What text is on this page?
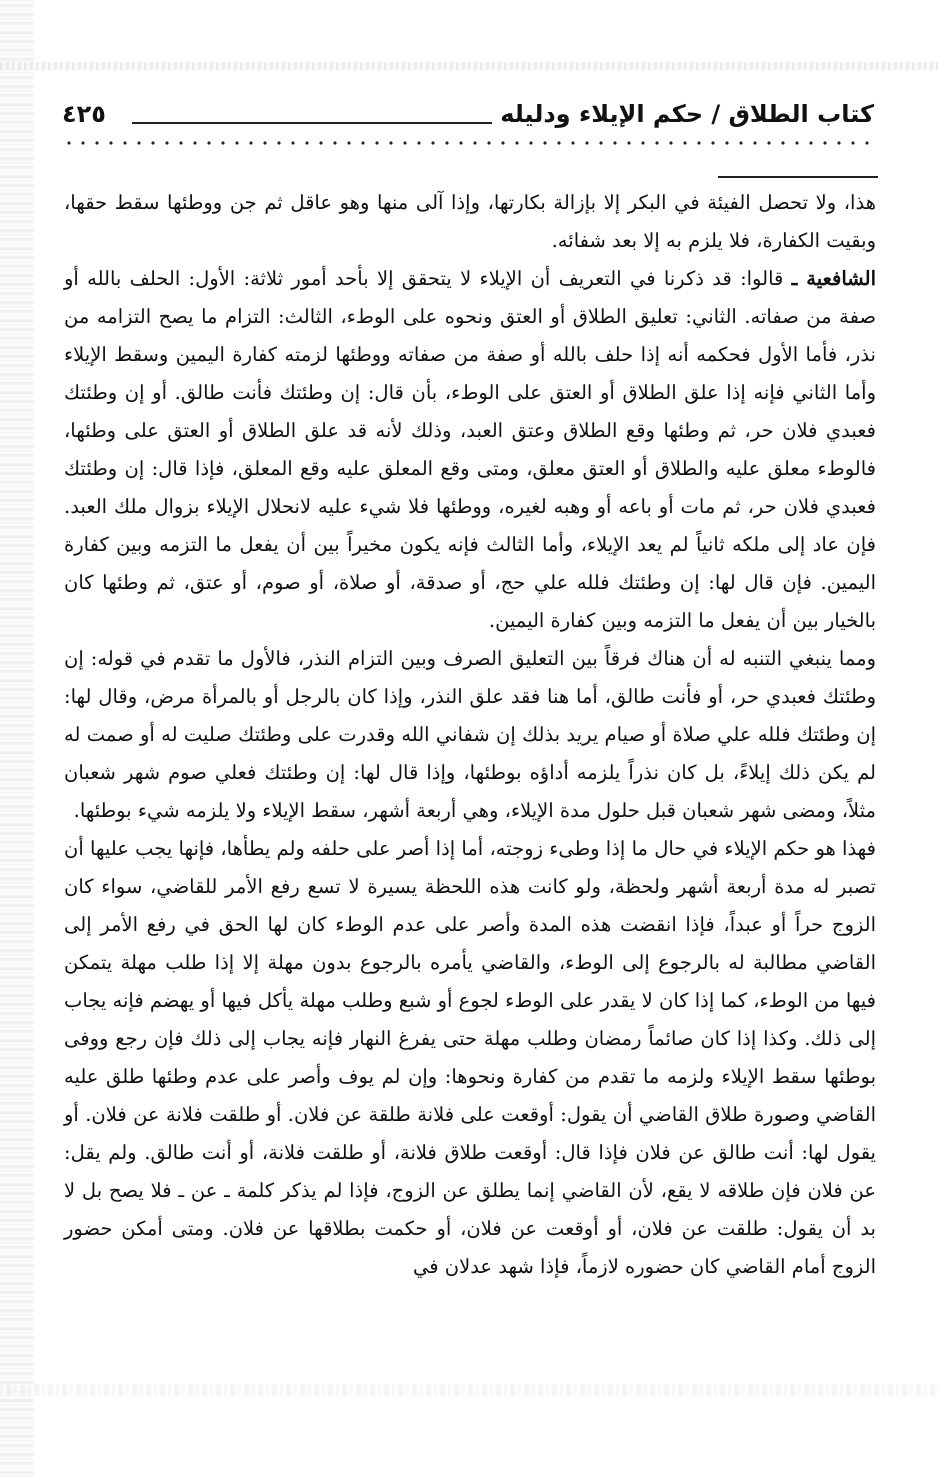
كتاب الطلاق / حكم الإيلاء ودليله
٤٢٥

هذا، ولا تحصل الفيئة في البكر إلا بإزالة بكارتها، وإذا آلى منها وهو عاقل ثم جن ووطئها سقط حقها، وبقيت الكفارة، فلا يلزم به إلا بعد شفائه.

الشافعية ـ قالوا: قد ذكرنا في التعريف أن الإيلاء لا يتحقق إلا بأحد أمور ثلاثة: الأول: الحلف بالله أو صفة من صفاته. الثاني: تعليق الطلاق أو العتق ونحوه على الوطء، الثالث: التزام ما يصح التزامه من نذر، فأما الأول فحكمه أنه إذا حلف بالله أو صفة من صفاته ووطئها لزمته كفارة اليمين وسقط الإيلاء وأما الثاني فإنه إذا علق الطلاق أو العتق على الوطء، بأن قال: إن وطئتك فأنت طالق. أو إن وطئتك فعبدي فلان حر، ثم وطئها وقع الطلاق وعتق العبد، وذلك لأنه قد علق الطلاق أو العتق على وطئها، فالوطء معلق عليه والطلاق أو العتق معلق، ومتى وقع المعلق عليه وقع المعلق، فإذا قال: إن وطئتك فعبدي فلان حر، ثم مات أو باعه أو وهبه لغيره، ووطئها فلا شيء عليه لانحلال الإيلاء بزوال ملك العبد. فإن عاد إلى ملكه ثانياً لم يعد الإيلاء، وأما الثالث فإنه يكون مخيراً بين أن يفعل ما التزمه وبين كفارة اليمين. فإن قال لها: إن وطئتك فلله علي حج، أو صدقة، أو صلاة، أو صوم، أو عتق، ثم وطئها كان بالخيار بين أن يفعل ما التزمه وبين كفارة اليمين.

ومما ينبغي التنبه له أن هناك فرقاً بين التعليق الصرف وبين التزام النذر، فالأول ما تقدم في قوله: إن وطئتك فعبدي حر، أو فأنت طالق، أما هنا فقد علق النذر، وإذا كان بالرجل أو بالمرأة مرض، وقال لها: إن وطئتك فلله علي صلاة أو صيام يريد بذلك إن شفاني الله وقدرت على وطئتك صليت له أو صمت له لم يكن ذلك إيلاءً، بل كان نذراً يلزمه أداؤه بوطئها، وإذا قال لها: إن وطئتك فعلي صوم شهر شعبان مثلاً، ومضى شهر شعبان قبل حلول مدة الإيلاء، وهي أربعة أشهر، سقط الإيلاء ولا يلزمه شيء بوطئها.

فهذا هو حكم الإيلاء في حال ما إذا وطىء زوجته، أما إذا أصر على حلفه ولم يطأها، فإنها يجب عليها أن تصبر له مدة أربعة أشهر ولحظة، ولو كانت هذه اللحظة يسيرة لا تسع رفع الأمر للقاضي، سواء كان الزوج حراً أو عبداً، فإذا انقضت هذه المدة وأصر على عدم الوطء كان لها الحق في رفع الأمر إلى القاضي مطالبة له بالرجوع إلى الوطء، والقاضي يأمره بالرجوع بدون مهلة إلا إذا طلب مهلة يتمكن فيها من الوطء، كما إذا كان لا يقدر على الوطء لجوع أو شبع وطلب مهلة يأكل فيها أو يهضم فإنه يجاب إلى ذلك. وكذا إذا كان صائماً رمضان وطلب مهلة حتى يفرغ النهار فإنه يجاب إلى ذلك فإن رجع ووفى بوطئها سقط الإيلاء ولزمه ما تقدم من كفارة ونحوها: وإن لم يوف وأصر على عدم وطئها طلق عليه القاضي وصورة طلاق القاضي أن يقول: أوقعت على فلانة طلقة عن فلان. أو طلقت فلانة عن فلان. أو يقول لها: أنت طالق عن فلان فإذا قال: أوقعت طلاق فلانة، أو طلقت فلانة، أو أنت طالق. ولم يقل: عن فلان فإن طلاقه لا يقع، لأن القاضي إنما يطلق عن الزوج، فإذا لم يذكر كلمة ـ عن ـ فلا يصح بل لا بد أن يقول: طلقت عن فلان، أو أوقعت عن فلان، أو حكمت بطلاقها عن فلان. ومتى أمكن حضور الزوج أمام القاضي كان حضوره لازماً، فإذا شهد عدلان في
